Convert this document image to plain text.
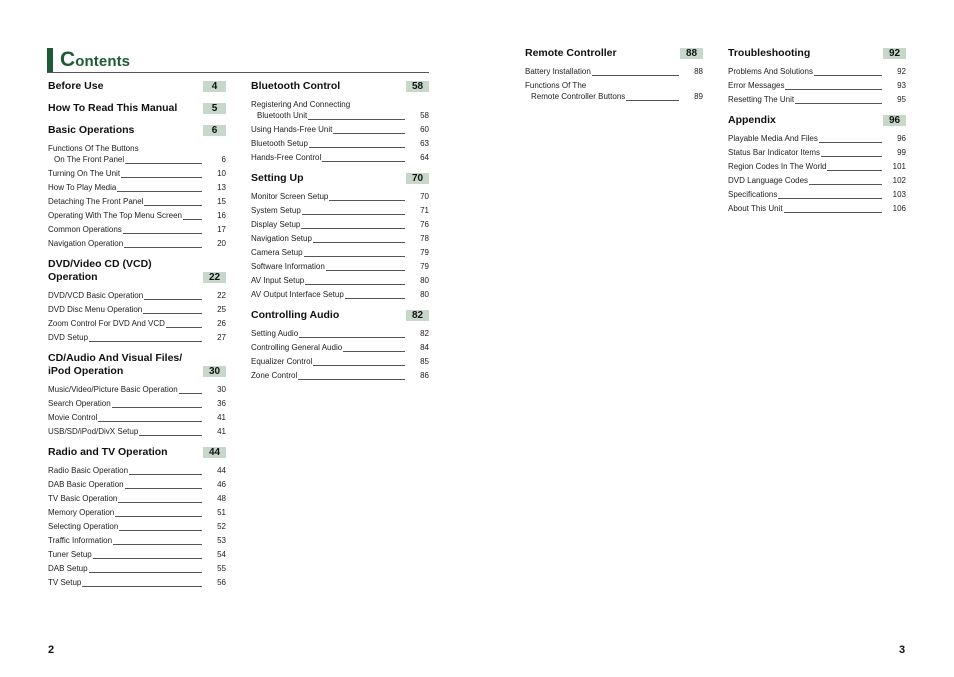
Contents
Before Use	4
How To Read This Manual	5
Basic Operations	6
Functions Of The Buttons
On The Front Panel	6
Turning On The Unit	10
How To Play Media	13
Detaching The Front Panel	15
Operating With The Top Menu Screen	16
Common Operations	17
Navigation Operation	20
DVD/Video CD (VCD)
Operation	22
DVD/VCD Basic Operation	22
DVD Disc Menu Operation	25
Zoom Control For DVD And VCD	26
DVD Setup	27
CD/Audio And Visual Files/
iPod Operation	30
Music/Video/Picture Basic Operation	30
Search Operation	36
Movie Control	41
USB/SD/iPod/DivX Setup	41
Radio and TV Operation	44
Radio Basic Operation	44
DAB Basic Operation	46
TV Basic Operation	48
Memory Operation	51
Selecting Operation	52
Traffic Information	53
Tuner Setup	54
DAB Setup	55
TV Setup	56
Bluetooth Control	58
Registering And Connecting
Bluetooth Unit	58
Using Hands-Free Unit	60
Bluetooth Setup	63
Hands-Free Control	64
Setting Up	70
Monitor Screen Setup	70
System Setup	71
Display Setup	76
Navigation Setup	78
Camera Setup	79
Software Information	79
AV Input Setup	80
AV Output Interface Setup	80
Controlling Audio	82
Setting Audio	82
Controlling General Audio	84
Equalizer Control	85
Zone Control	86
Remote Controller	88
Battery Installation	88
Functions Of The
Remote Controller Buttons	89
Troubleshooting	92
Problems And Solutions	92
Error Messages	93
Resetting The Unit	95
Appendix	96
Playable Media And Files	96
Status Bar Indicator Items	99
Region Codes In The World	101
DVD Language Codes	102
Specifications	103
About This Unit	106
2	3
